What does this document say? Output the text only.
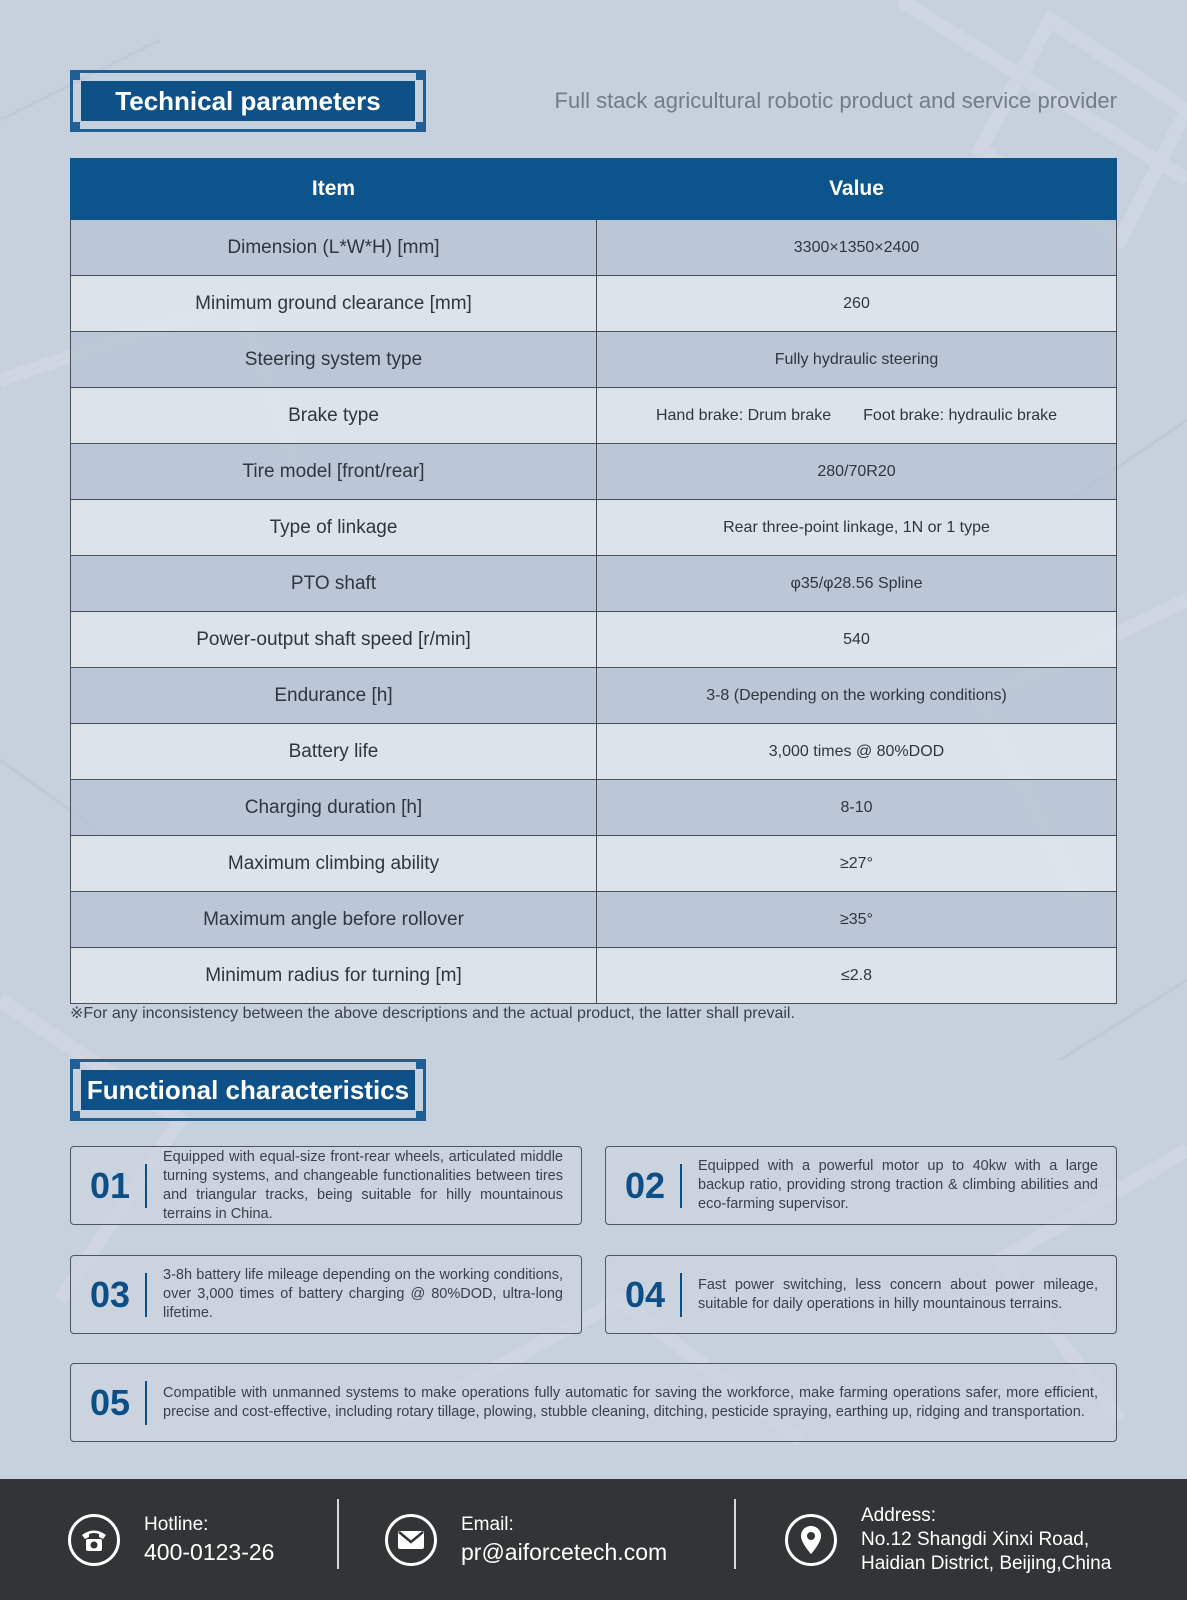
Technical parameters	Full stack agricultural robotic product and service provider
Item	Value
Dimension (L*W*H) [mm]	3300×1350×2400
Minimum ground clearance [mm]	260
Steering system type	Fully hydraulic steering
Brake type	Hand brake: Drum brake Foot brake: hydraulic brake
Tire model [front/rear]	280/70R20
Type of linkage	Rear three-point linkage, 1N or 1 type
PTO shaft	φ35/φ28.56 Spline
Power-output shaft speed [r/min]	540
Endurance [h]	3-8 (Depending on the working conditions)
Battery life	3,000 times @ 80%DOD
Charging duration [h]	8-10
Maximum climbing ability	≥27°
Maximum angle before rollover	≥35°
Minimum radius for turning [m]	≤2.8
※For any inconsistency between the above descriptions and the actual product, the latter shall prevail.
Functional characteristics
01
Equipped with equal-size front-rear wheels, articulated middle turning systems, and changeable functionalities between tires and triangular tracks, being suitable for hilly mountainous terrains in China.
02	Equipped with a powerful motor up to 40kw with a large backup ratio, providing strong traction & climbing abilities and eco-farming supervisor.
03	3-8h battery life mileage depending on the working conditions, over 3,000 times of battery charging @ 80%DOD, ultra-long lifetime.	04	Fast power switching, less concern about power mileage, suitable for daily operations in hilly mountainous terrains.
05	Compatible with unmanned systems to make operations fully automatic for saving the workforce, make farming operations safer, more efficient, precise and cost-effective, including rotary tillage, plowing, stubble cleaning, ditching, pesticide spraying, earthing up, ridging and transportation.
Hotline:
400-0123-26
Email:
pr@aiforcetech.com
Address:
No.12 Shangdi Xinxi Road,
Haidian District, Beijing,China
